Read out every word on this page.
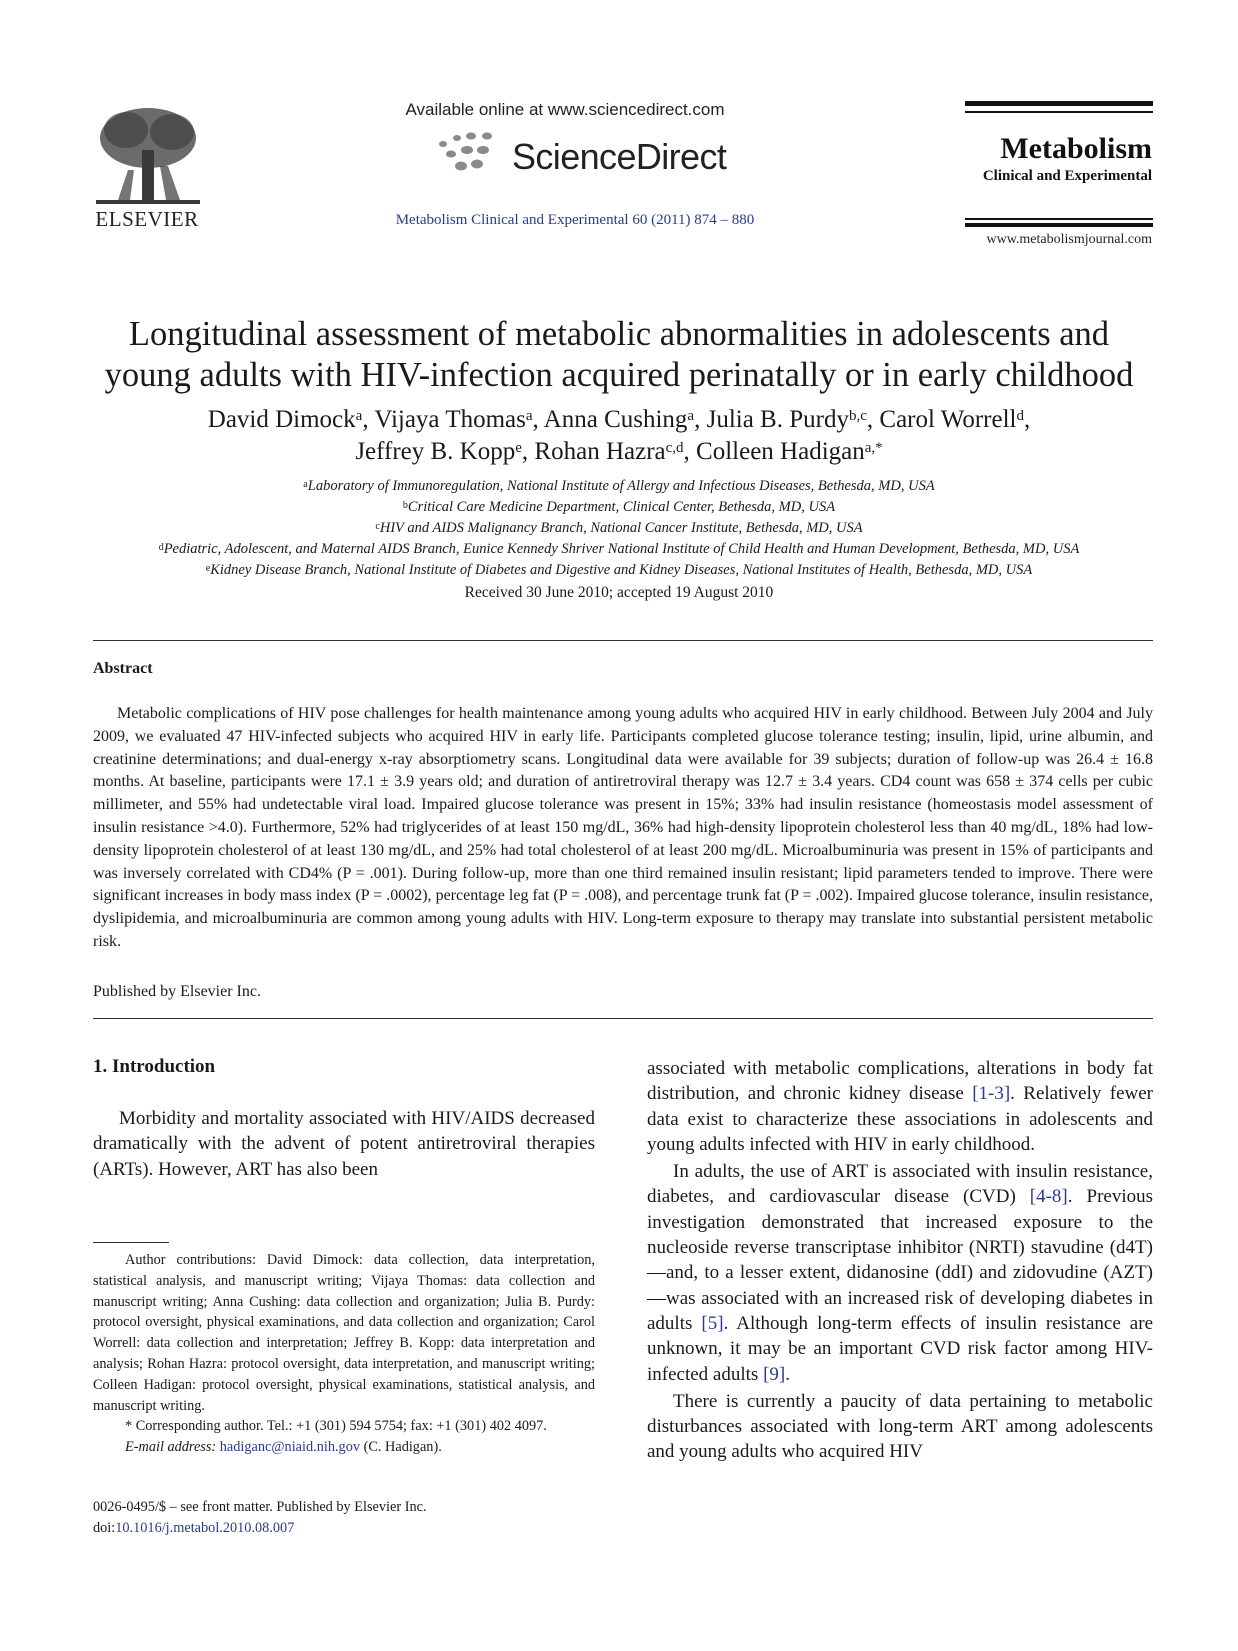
ELSEVIER
Available online at www.sciencedirect.com
ScienceDirect
Metabolism Clinical and Experimental 60 (2011) 874 – 880
Metabolism
Clinical and Experimental
www.metabolismjournal.com
Longitudinal assessment of metabolic abnormalities in adolescents and
young adults with HIV-infection acquired perinatally or in early childhood
David Dimock$^a$, Vijaya Thomas$^a$, Anna Cushing$^a$, Julia B. Purdy$^{b,c}$, Carol Worrell$^d$,
Jeffrey B. Kopp$^e$, Rohan Hazra$^{c,d}$, Colleen Hadigan$^{a,*}$
$^a$Laboratory of Immunoregulation, National Institute of Allergy and Infectious Diseases, Bethesda, MD, USA
$^b$Critical Care Medicine Department, Clinical Center, Bethesda, MD, USA
$^c$HIV and AIDS Malignancy Branch, National Cancer Institute, Bethesda, MD, USA
$^d$Pediatric, Adolescent, and Maternal AIDS Branch, Eunice Kennedy Shriver National Institute of Child Health and Human Development, Bethesda, MD, USA
$^e$Kidney Disease Branch, National Institute of Diabetes and Digestive and Kidney Diseases, National Institutes of Health, Bethesda, MD, USA
Received 30 June 2010; accepted 19 August 2010
Abstract
Metabolic complications of HIV pose challenges for health maintenance among young adults who acquired HIV in early childhood. Between July 2004 and July 2009, we evaluated 47 HIV-infected subjects who acquired HIV in early life. Participants completed glucose tolerance testing; insulin, lipid, urine albumin, and creatinine determinations; and dual-energy x-ray absorptiometry scans. Longitudinal data were available for 39 subjects; duration of follow-up was 26.4 ± 16.8 months. At baseline, participants were 17.1 ± 3.9 years old; and duration of antiretroviral therapy was 12.7 ± 3.4 years. CD4 count was 658 ± 374 cells per cubic millimeter, and 55% had undetectable viral load. Impaired glucose tolerance was present in 15%; 33% had insulin resistance (homeostasis model assessment of insulin resistance >4.0). Furthermore, 52% had triglycerides of at least 150 mg/dL, 36% had high-density lipoprotein cholesterol less than 40 mg/dL, 18% had low-density lipoprotein cholesterol of at least 130 mg/dL, and 25% had total cholesterol of at least 200 mg/dL. Microalbuminuria was present in 15% of participants and was inversely correlated with CD4% (P = .001). During follow-up, more than one third remained insulin resistant; lipid parameters tended to improve. There were significant increases in body mass index (P = .0002), percentage leg fat (P = .008), and percentage trunk fat (P = .002). Impaired glucose tolerance, insulin resistance, dyslipidemia, and microalbuminuria are common among young adults with HIV. Long-term exposure to therapy may translate into substantial persistent metabolic risk.
Published by Elsevier Inc.
1. Introduction

Morbidity and mortality associated with HIV/AIDS decreased dramatically with the advent of potent antiretroviral therapies (ARTs). However, ART has also been

Author contributions: David Dimock: data collection, data interpretation, statistical analysis, and manuscript writing; Vijaya Thomas: data collection and manuscript writing; Anna Cushing: data collection and organization; Julia B. Purdy: protocol oversight, physical examinations, and data collection and organization; Carol Worrell: data collection and interpretation; Jeffrey B. Kopp: data interpretation and analysis; Rohan Hazra: protocol oversight, data interpretation, and manuscript writing; Colleen Hadigan: protocol oversight, physical examinations, statistical analysis, and manuscript writing.

* Corresponding author. Tel.: +1 (301) 594 5754; fax: +1 (301) 402 4097.

E-mail address: hadiganc@niaid.nih.gov (C. Hadigan).

0026-0495/$ – see front matter. Published by Elsevier Inc.
doi:10.1016/j.metabol.2010.08.007

associated with metabolic complications, alterations in body fat distribution, and chronic kidney disease [1-3]. Relatively fewer data exist to characterize these associations in adolescents and young adults infected with HIV in early childhood.

In adults, the use of ART is associated with insulin resistance, diabetes, and cardiovascular disease (CVD) [4-8]. Previous investigation demonstrated that increased exposure to the nucleoside reverse transcriptase inhibitor (NRTI) stavudine (d4T)—and, to a lesser extent, didanosine (ddI) and zidovudine (AZT)—was associated with an increased risk of developing diabetes in adults [5]. Although long-term effects of insulin resistance are unknown, it may be an important CVD risk factor among HIV-infected adults [9].

There is currently a paucity of data pertaining to metabolic disturbances associated with long-term ART among adolescents and young adults who acquired HIV
